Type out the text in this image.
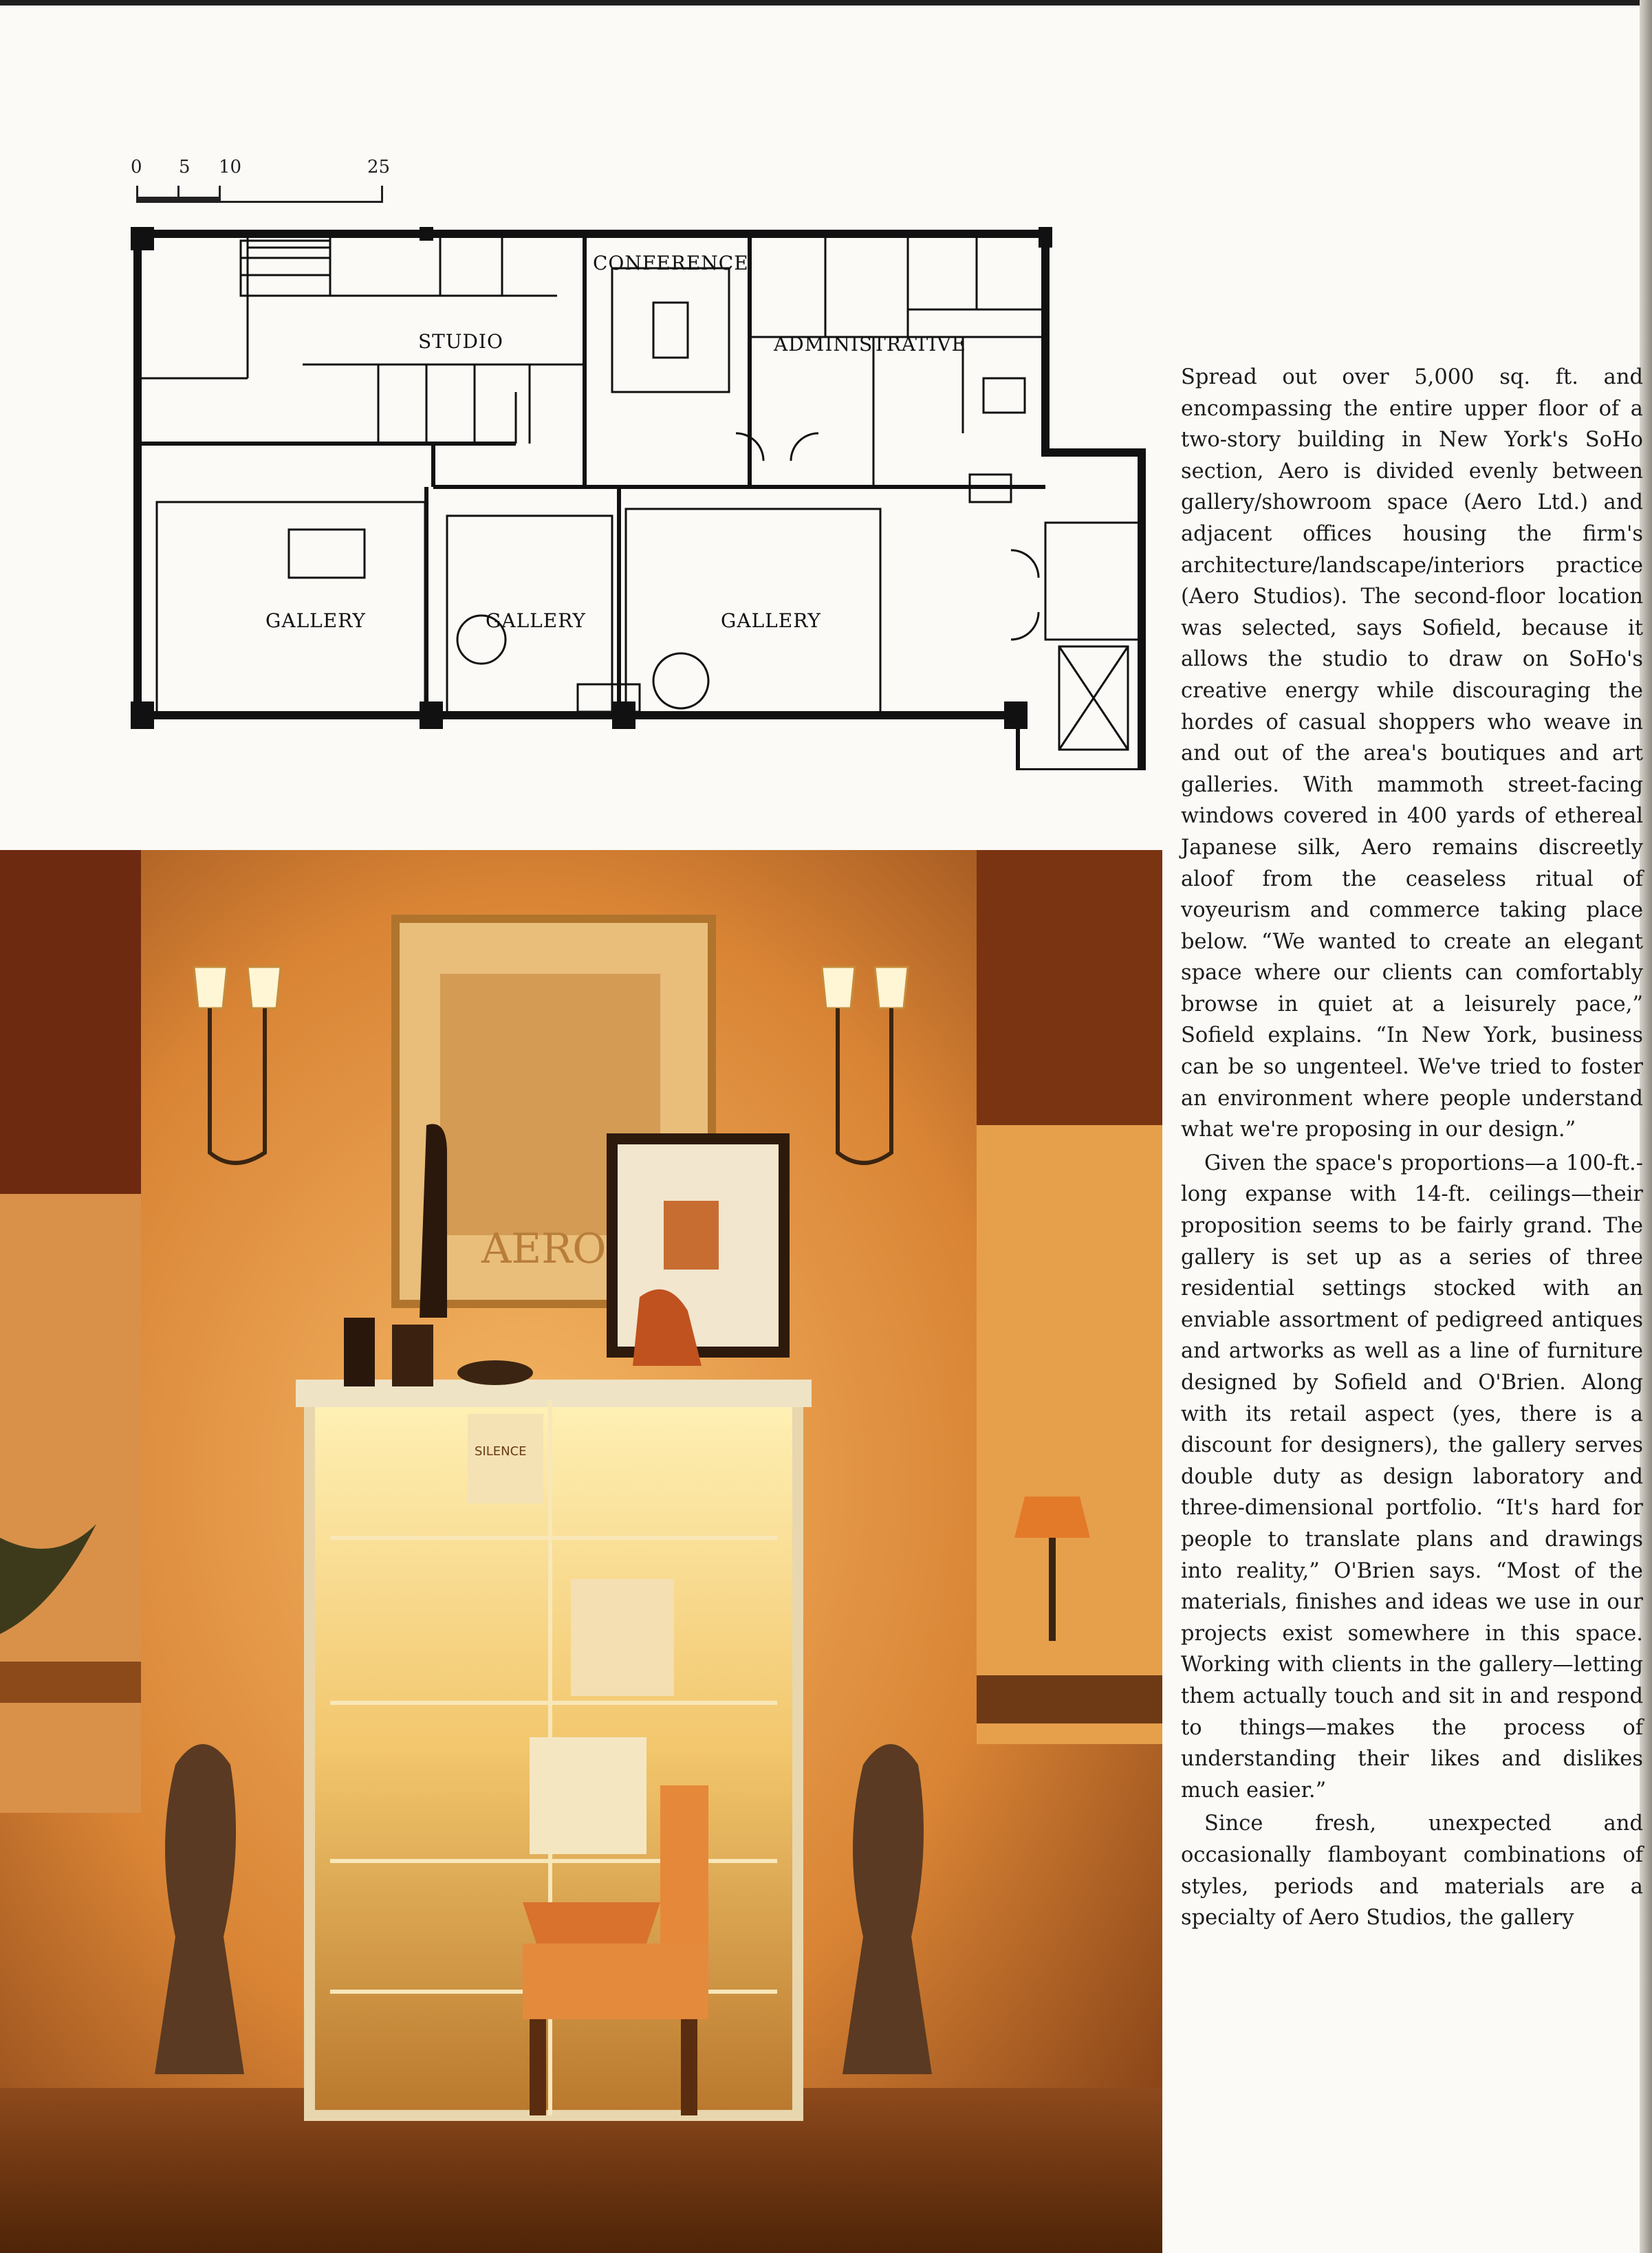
0 5 10	25
CONFERENCE
STUDIO	ADMINISTRATIVE
GALLERY	GALLERY	GALLERY
AERO
SILENCE

Spread out over 5,000 sq. ft. and encompassing the entire upper floor of a two-story building in New York's SoHo section, Aero is divided evenly between gallery/showroom space (Aero Ltd.) and adjacent offices housing the firm's architecture/landscape/interiors practice (Aero Studios). The second-floor location was selected, says Sofield, because it allows the studio to draw on SoHo's creative energy while discouraging the hordes of casual shoppers who weave in and out of the area's boutiques and art galleries. With mammoth street-facing windows covered in 400 yards of ethereal Japanese silk, Aero remains discreetly aloof from the ceaseless ritual of voyeurism and commerce taking place below. “We wanted to create an elegant space where our clients can comfortably browse in quiet at a leisurely pace,” Sofield explains. “In New York, business can be so ungenteel. We've tried to foster an environment where people understand what we're proposing in our design.”

Given the space's proportions—a 100-ft.-long expanse with 14-ft. ceilings—their proposition seems to be fairly grand. The gallery is set up as a series of three residential settings stocked with an enviable assortment of pedigreed antiques and artworks as well as a line of furniture designed by Sofield and O'Brien. Along with its retail aspect (yes, there is a discount for designers), the gallery serves double duty as design laboratory and three-dimensional portfolio. “It's hard for people to translate plans and drawings into reality,” O'Brien says. “Most of the materials, finishes and ideas we use in our projects exist somewhere in this space. Working with clients in the gallery—letting them actually touch and sit in and respond to things—makes the process of understanding their likes and dislikes much easier.”

Since fresh, unexpected and occasionally flamboyant combinations of styles, periods and materials are a specialty of Aero Studios, the gallery
